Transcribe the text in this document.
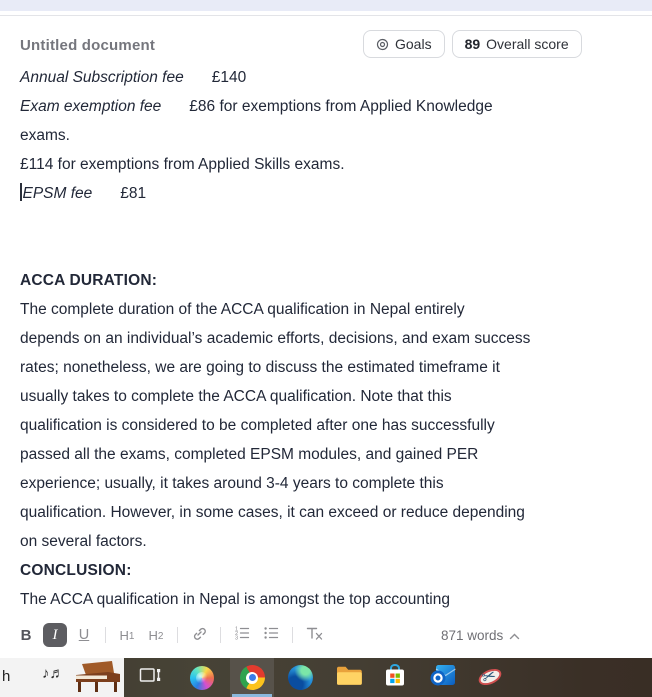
Untitled document	Goals 89 Overall score
Annual Subscription fee £140
Exam exemption fee £86 for exemptions from Applied Knowledge
exams.
£114 for exemptions from Applied Skills exams.
EPSM fee £81
ACCA DURATION:
The complete duration of the ACCA qualification in Nepal entirely
depends on an individual’s academic efforts, decisions, and exam success
rates; nonetheless, we are going to discuss the estimated timeframe it
usually takes to complete the ACCA qualification. Note that this
qualification is considered to be completed after one has successfully
passed all the exams, completed EPSM modules, and gained PER
experience; usually, it takes around 3-4 years to complete this
qualification. However, in some cases, it can exceed or reduce depending
on several factors.
CONCLUSION:
The ACCA qualification in Nepal is amongst the top accounting
B	I	U	H 1 H 2
1
2
3	871 words
h ♪♬	✂
